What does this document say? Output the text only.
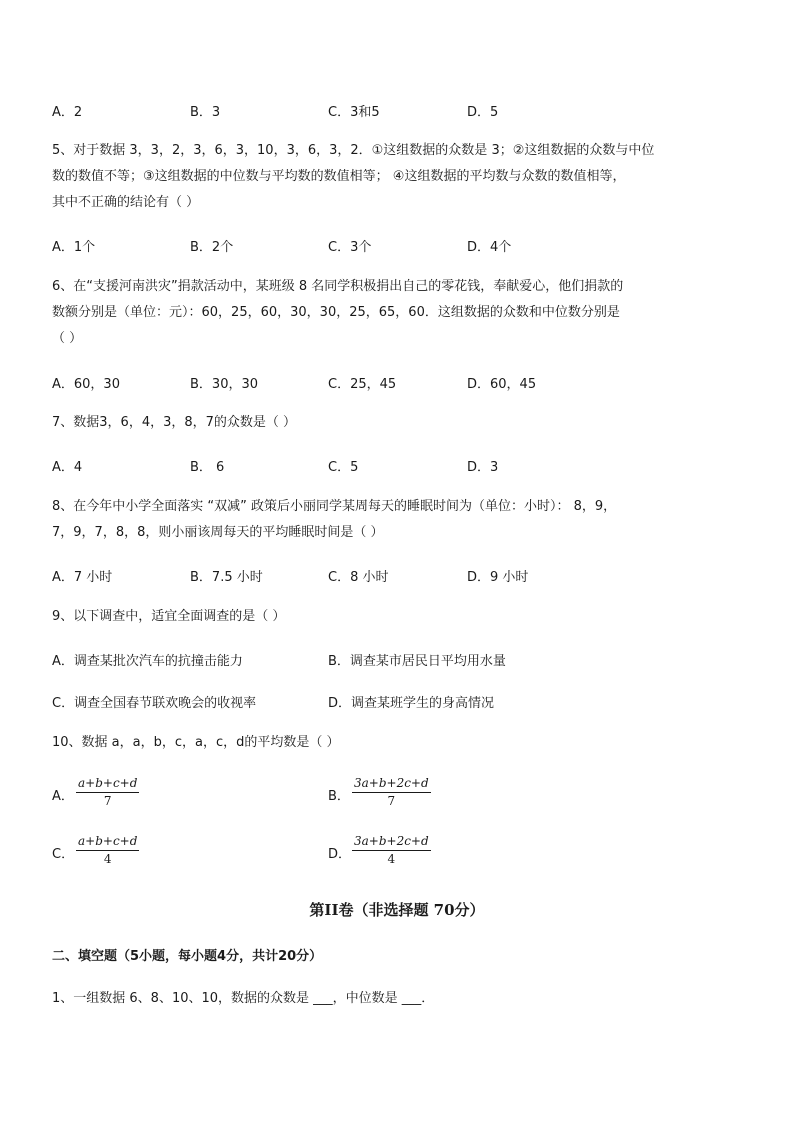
A．2	B．3	C．3和5	D．5
5、对于数据 3，3，2，3，6，3，10，3，6，3，2．①这组数据的众数是 3；②这组数据的众数与中位
数的数值不等；③这组数据的中位数与平均数的数值相等； ④这组数据的平均数与众数的数值相等，
其中不正确的结论有（ ）
A．1个	B．2个	C．3个	D．4个
6、在“支援河南洪灾”捐款活动中，某班级 8 名同学积极捐出自己的零花钱，奉献爱心，他们捐款的
数额分别是（单位：元）：60，25，60，30，30，25，65，60．这组数据的众数和中位数分别是
（ ）
A．60，30	B．30，30	C．25，45	D．60，45
7、数据3，6，4，3，8，7的众数是（ ）
A．4	B． 6	C．5	D．3
8、在今年中小学全面落实 “双减” 政策后小丽同学某周每天的睡眠时间为（单位：小时）： 8，9，
7，9，7，8，8，则小丽该周每天的平均睡眠时间是（ ）
A．7 小时	B．7.5 小时	C．8 小时	D．9 小时
9、以下调查中，适宜全面调查的是（ ）
A．调查某批次汽车的抗撞击能力	B．调查某市居民日平均用水量
C．调查全国春节联欢晚会的收视率	D．调查某班学生的身高情况
10、数据 a，a，b，c，a，c，d的平均数是（ ）
A． $\frac{a+b+c+d}{7}$	B． $\frac{3a+b+2c+d}{7}$
C． $\frac{a+b+c+d}{4}$	D． $\frac{3a+b+2c+d}{4}$
第II卷（非选择题 70分）
二、填空题（5小题，每小题4分，共计20分）
1、一组数据 6、8、10、10，数据的众数是 ___，中位数是 ___．
